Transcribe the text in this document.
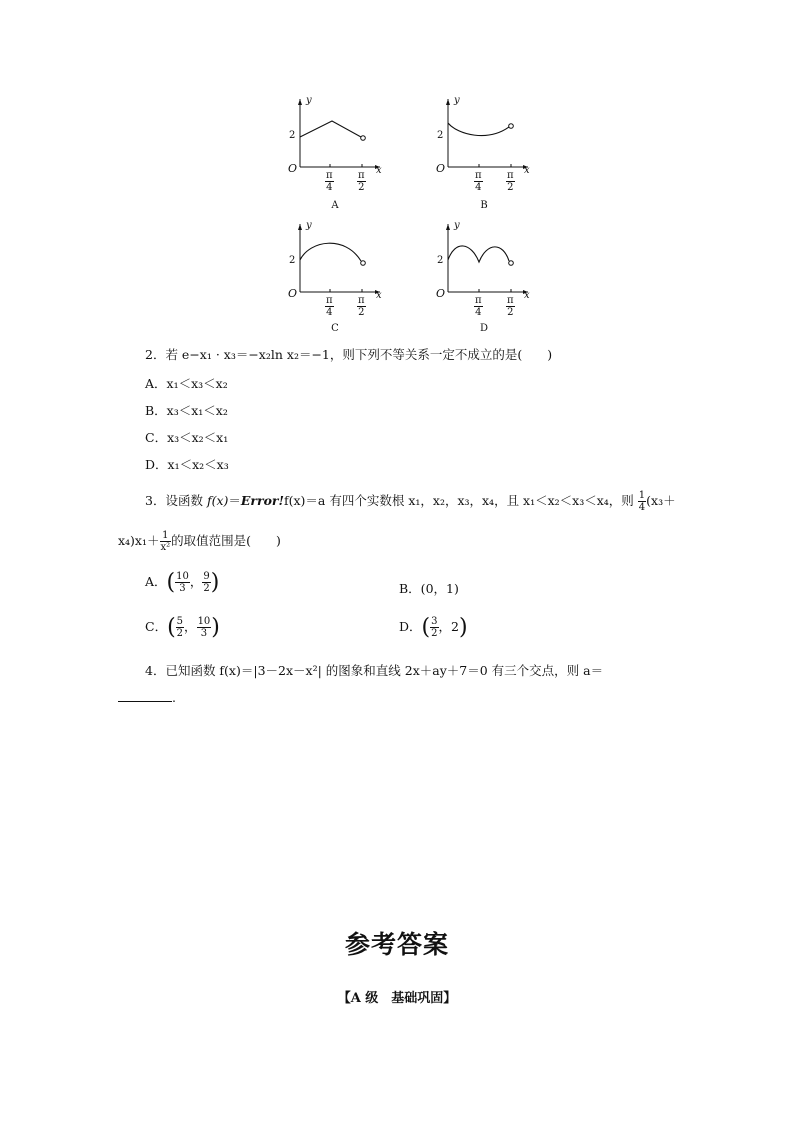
y
x
O
2
$\frac{\pi}{4} \frac{\pi}{2}$
A
y
x
O
2
$\frac{\pi}{4} \frac{\pi}{2}$
B
y
x
O
2
$\frac{\pi}{4} \frac{\pi}{2}$
C
y
x
O
2
$\frac{\pi}{4} \frac{\pi}{2}$
D
2．若 e−x₁ · x₃＝−x₂ln x₂＝−1，则下列不等关系一定不成立的是(　　)
A．x₁＜x₃＜x₂
B．x₃＜x₁＜x₂
C．x₃＜x₂＜x₁
D．x₁＜x₂＜x₃
3．设函数 f(x)＝Error!f(x)＝a 有四个实数根 x₁，x₂，x₃，x₄，且 x₁＜x₂＜x₃＜x₄，则 $\frac{1}{4} (x_3+$
$x_4)x_1+ \frac{1}{\text{x²}}$ 的取值范围是(　　)
A．( $\frac{10}{3}$ ， $\frac{9}{2}$ )	B．(0，1)
C．( $\frac{5}{2}$ ， $\frac{10}{3}$ )	D．( $\frac{3}{2}$ ，2)
4．已知函数 f(x)＝|3－2x－x²| 的图象和直线 2x＋ay＋7＝0 有三个交点，则 a＝
.
参考答案
【A 级　基础巩固】
